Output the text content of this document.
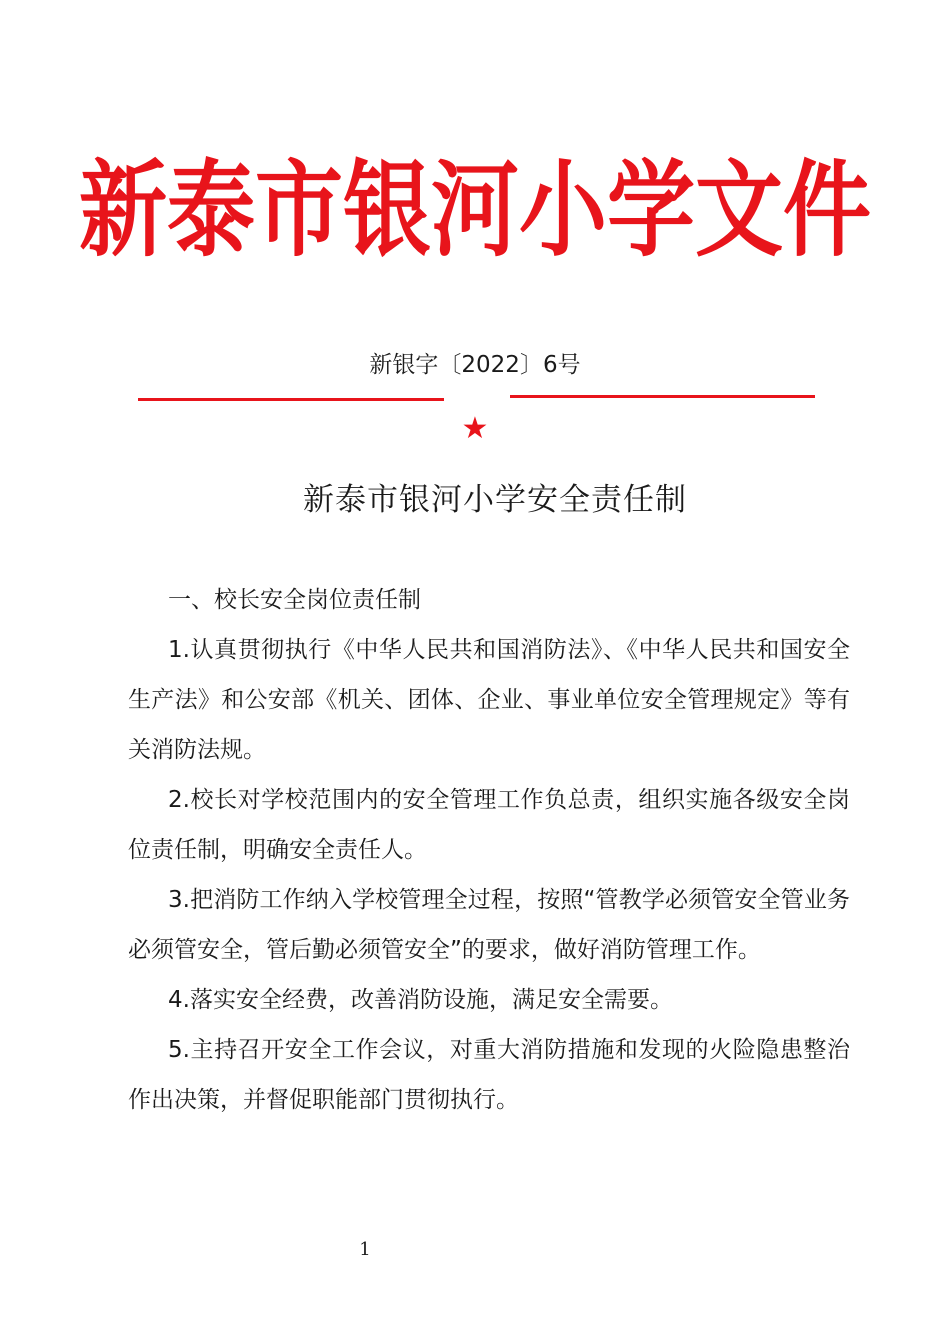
新泰市银河小学文件
新银字〔2022〕6号
★
新泰市银河小学安全责任制

一、校长安全岗位责任制

1.认真贯彻执行《中华人民共和国消防法》、《中华人民共和国安全生产法》和公安部《机关、团体、企业、事业单位安全管理规定》等有关消防法规。

2.校长对学校范围内的安全管理工作负总责，组织实施各级安全岗位责任制，明确安全责任人。

3.把消防工作纳入学校管理全过程，按照“管教学必须管安全管业务必须管安全，管后勤必须管安全”的要求，做好消防管理工作。

4.落实安全经费，改善消防设施，满足安全需要。

5.主持召开安全工作会议，对重大消防措施和发现的火险隐患整治作出决策，并督促职能部门贯彻执行。

1
